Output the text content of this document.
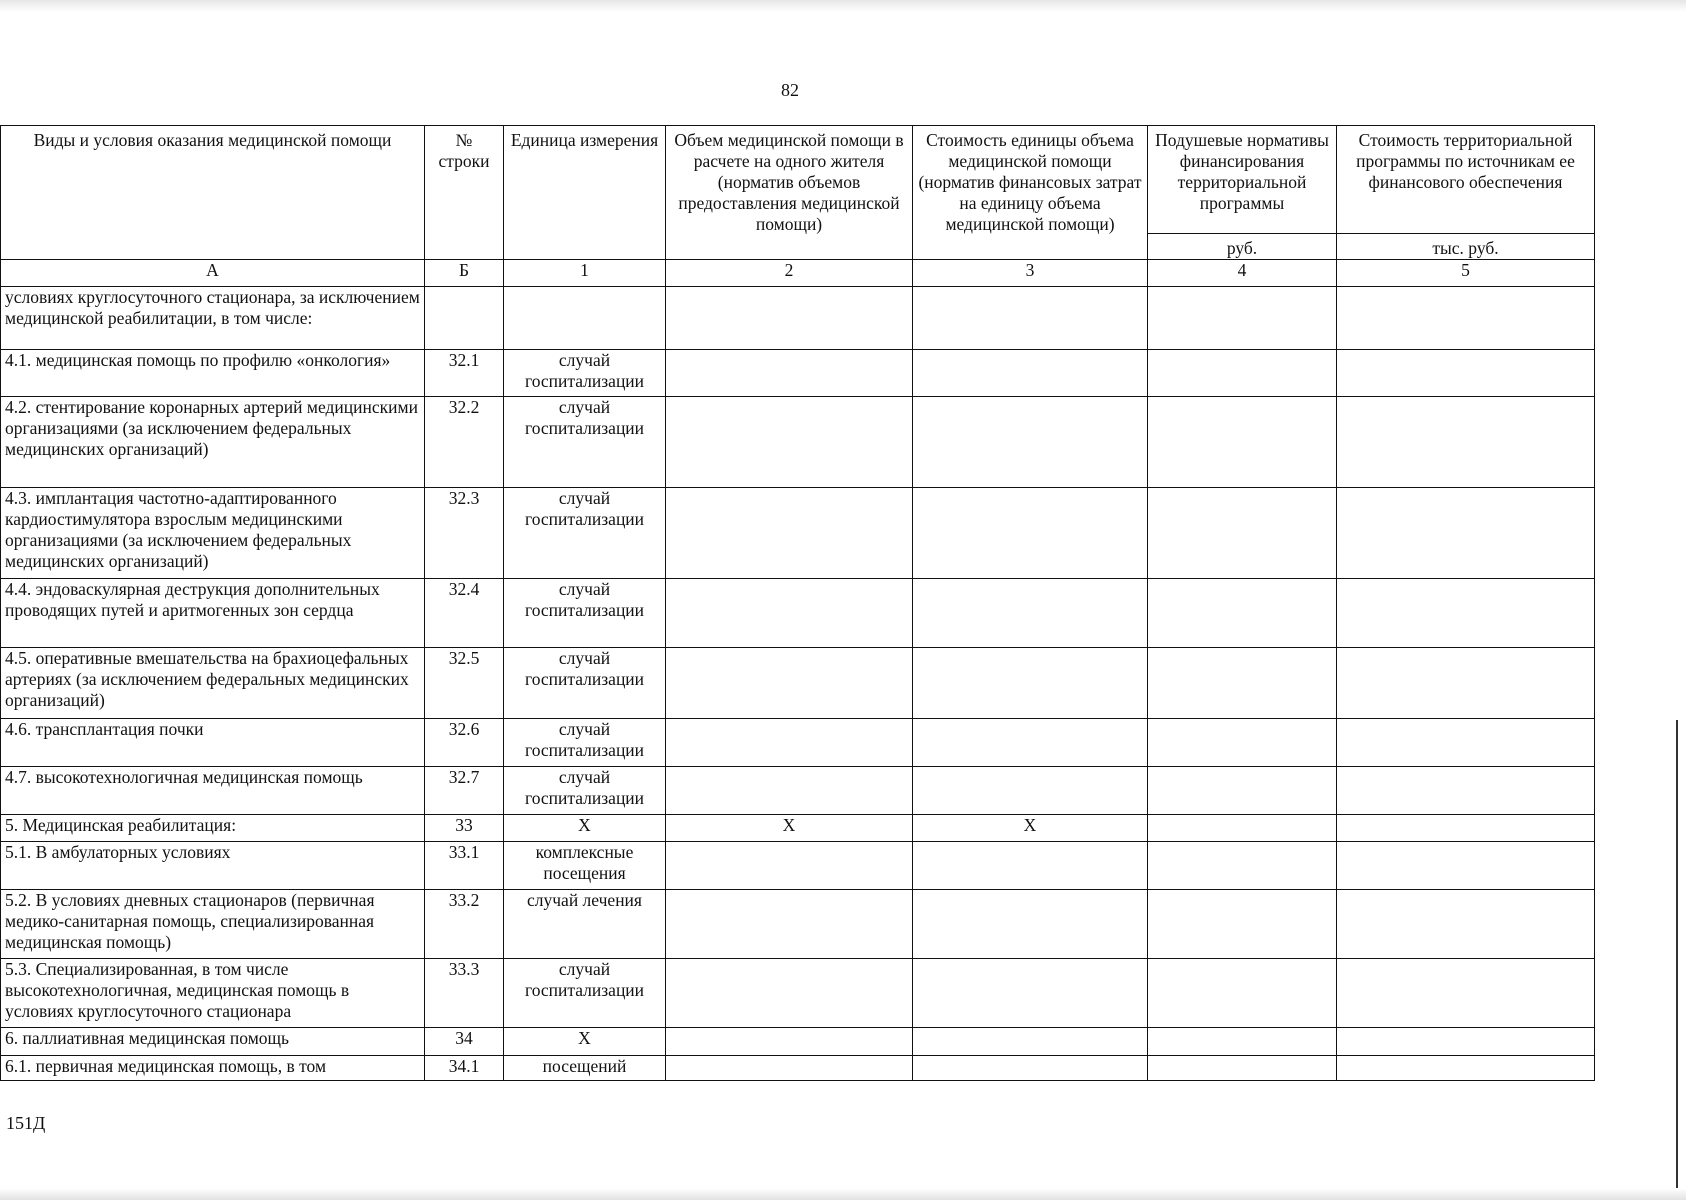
82
Виды и условия оказания медицинской помощи	№ строки	Единица измерения	Объем медицинской помощи в расчете на одного жителя (норматив объемов предоставления медицинской помощи)	Стоимость единицы объема медицинской помощи (норматив финансовых затрат на единицу объема медицинской помощи)	Подушевые нормативы финансирования территориальной программы	Стоимость территориальной программы по источникам ее финансового обеспечения
					руб.	тыс. руб.
А	Б	1	2	3	4	5
условиях круглосуточного стационара, за исключением медицинской реабилитации, в том числе:						
4.1. медицинская помощь по профилю «онкология»	32.1	случай госпитализации				
4.2. стентирование коронарных артерий медицинскими организациями (за исключением федеральных медицинских организаций)	32.2	случай госпитализации				
4.3. имплантация частотно-адаптированного кардиостимулятора взрослым медицинскими организациями (за исключением федеральных медицинских организаций)	32.3	случай госпитализации				
4.4. эндоваскулярная деструкция дополнительных проводящих путей и аритмогенных зон сердца	32.4	случай госпитализации				
4.5. оперативные вмешательства на брахиоцефальных артериях (за исключением федеральных медицинских организаций)	32.5	случай госпитализации				
4.6. трансплантация почки	32.6	случай госпитализации				
4.7. высокотехнологичная медицинская помощь	32.7	случай госпитализации				
5. Медицинская реабилитация:	33	X	X	X		
5.1. В амбулаторных условиях	33.1	комплексные посещения				
5.2. В условиях дневных стационаров (первичная медико-санитарная помощь, специализированная медицинская помощь)	33.2	случай лечения				
5.3. Специализированная, в том числе высокотехнологичная, медицинская помощь в условиях круглосуточного стационара	33.3	случай госпитализации				
6. паллиативная медицинская помощь	34	X				
6.1. первичная медицинская помощь, в том	34.1	посещений				
151Д
